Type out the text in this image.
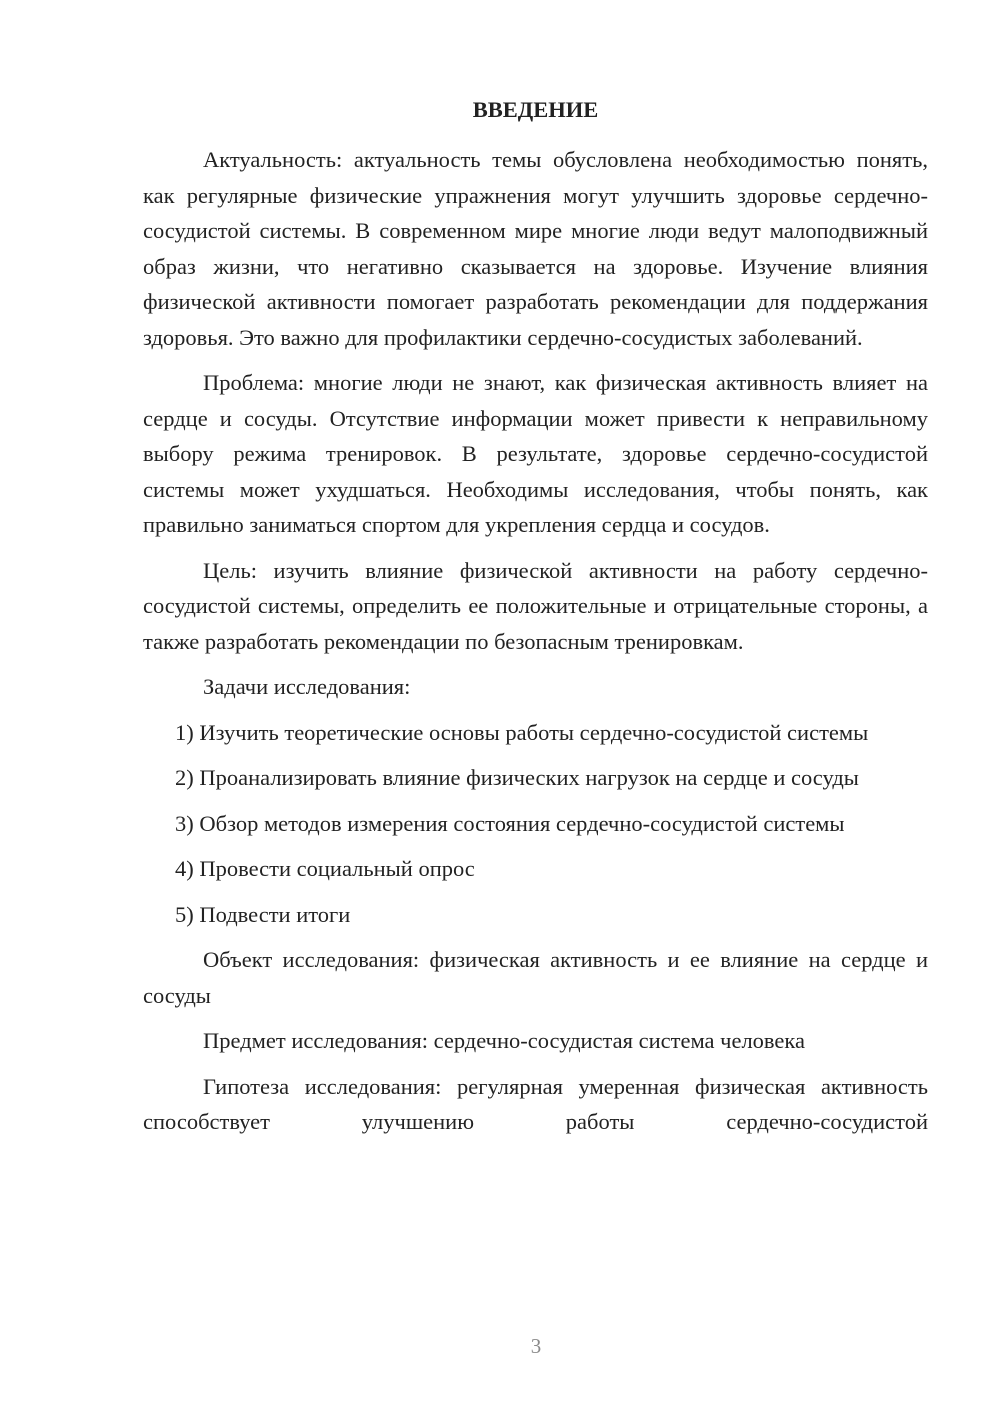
ВВЕДЕНИЕ

Актуальность: актуальность темы обусловлена необходимостью понять, как регулярные физические упражнения могут улучшить здоровье сердечно-сосудистой системы. В современном мире многие люди ведут малоподвижный образ жизни, что негативно сказывается на здоровье. Изучение влияния физической активности помогает разработать рекомендации для поддержания здоровья. Это важно для профилактики сердечно-сосудистых заболеваний.

Проблема: многие люди не знают, как физическая активность влияет на сердце и сосуды. Отсутствие информации может привести к неправильному выбору режима тренировок. В результате, здоровье сердечно-сосудистой системы может ухудшаться. Необходимы исследования, чтобы понять, как правильно заниматься спортом для укрепления сердца и сосудов.

Цель: изучить влияние физической активности на работу сердечно-сосудистой системы, определить ее положительные и отрицательные стороны, а также разработать рекомендации по безопасным тренировкам.

Задачи исследования:

1) Изучить теоретические основы работы сердечно-сосудистой системы

2) Проанализировать влияние физических нагрузок на сердце и сосуды

3) Обзор методов измерения состояния сердечно-сосудистой системы

4) Провести социальный опрос

5) Подвести итоги

Объект исследования: физическая активность и ее влияние на сердце и сосуды

Предмет исследования: сердечно-сосудистая система человека

Гипотеза исследования: регулярная умеренная физическая активность способствует улучшению работы сердечно-сосудистой

3
